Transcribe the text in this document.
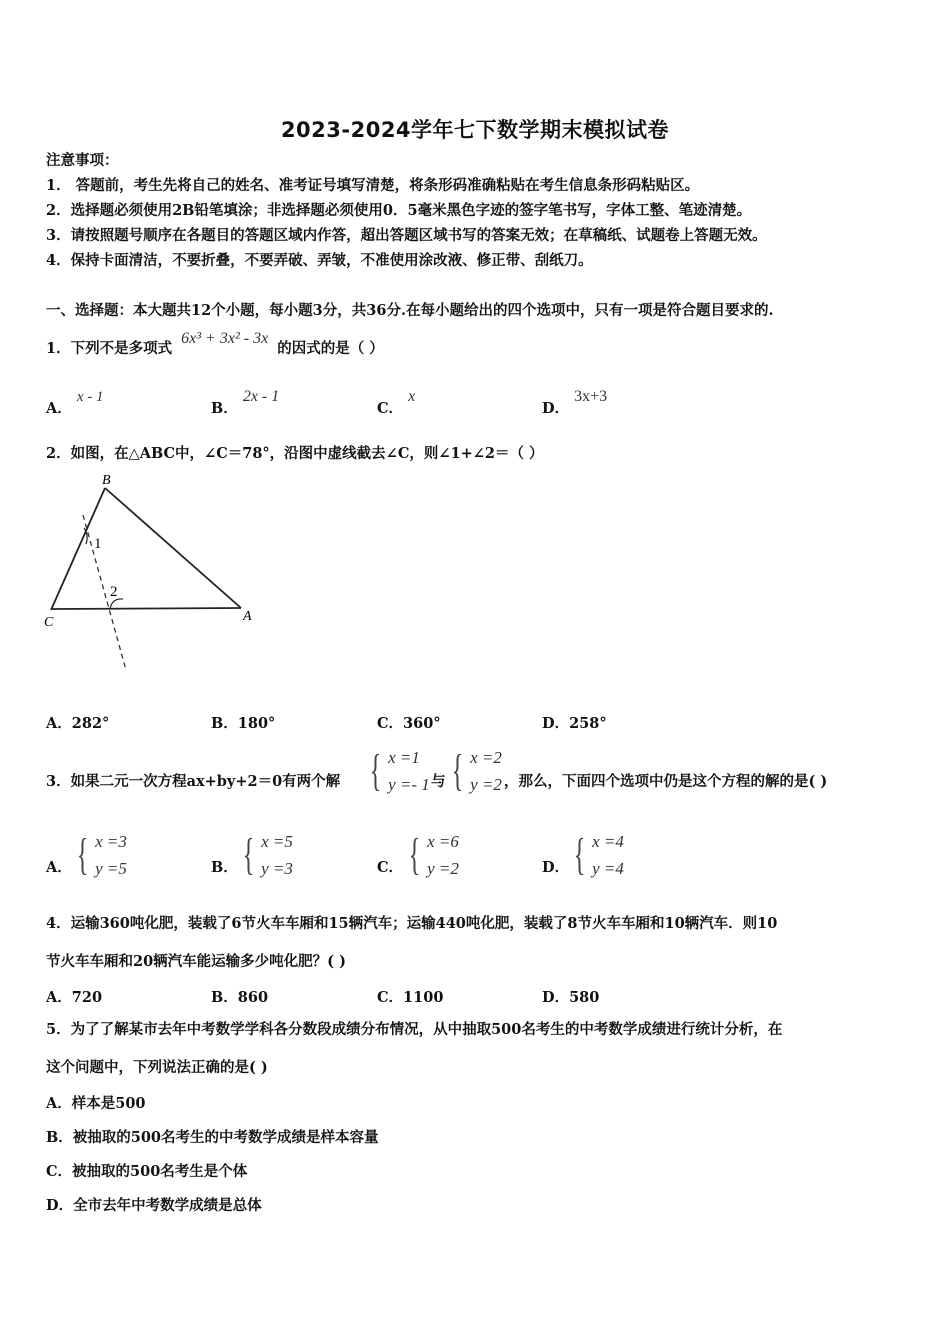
2023-2024学年七下数学期末模拟试卷
注意事项：
1． 答题前，考生先将自己的姓名、准考证号填写清楚，将条形码准确粘贴在考生信息条形码粘贴区。
2．选择题必须使用2B铅笔填涂；非选择题必须使用0．5毫米黑色字迹的签字笔书写，字体工整、笔迹清楚。
3．请按照题号顺序在各题目的答题区域内作答，超出答题区域书写的答案无效；在草稿纸、试题卷上答题无效。
4．保持卡面清洁，不要折叠，不要弄破、弄皱，不准使用涂改液、修正带、刮纸刀。
一、选择题：本大题共12个小题，每小题3分，共36分.在每小题给出的四个选项中，只有一项是符合题目要求的.
1．下列不是多项式 6x³ + 3x² - 3x 的因式的是（ ）
A． x - 1
B． 2x - 1
C． x
D． 3x+3
2．如图，在△ABC中，∠C＝78°，沿图中虚线截去∠C，则∠1+∠2＝（ ）
B
C	A
1
2
A．282°	B．180°	C．360°	D．258°
3．如果二元一次方程ax+by+2＝0有两个解 { x =1
y =- 1 与 { x =2
y =2 ，那么，下面四个选项中仍是这个方程的解的是( )
A． { x =3
y =5	B． { x =5
y =3	C． { x =6
y =2	D． { x =4
y =4
4．运输360吨化肥，装载了6节火车车厢和15辆汽车；运输440吨化肥，装载了8节火车车厢和10辆汽车．则10
节火车车厢和20辆汽车能运输多少吨化肥？( )
A．720	B．860	C．1100	D．580
5．为了了解某市去年中考数学学科各分数段成绩分布情况，从中抽取500名考生的中考数学成绩进行统计分析，在
这个问题中，下列说法正确的是( )
A．样本是500
B．被抽取的500名考生的中考数学成绩是样本容量
C．被抽取的500名考生是个体
D．全市去年中考数学成绩是总体
